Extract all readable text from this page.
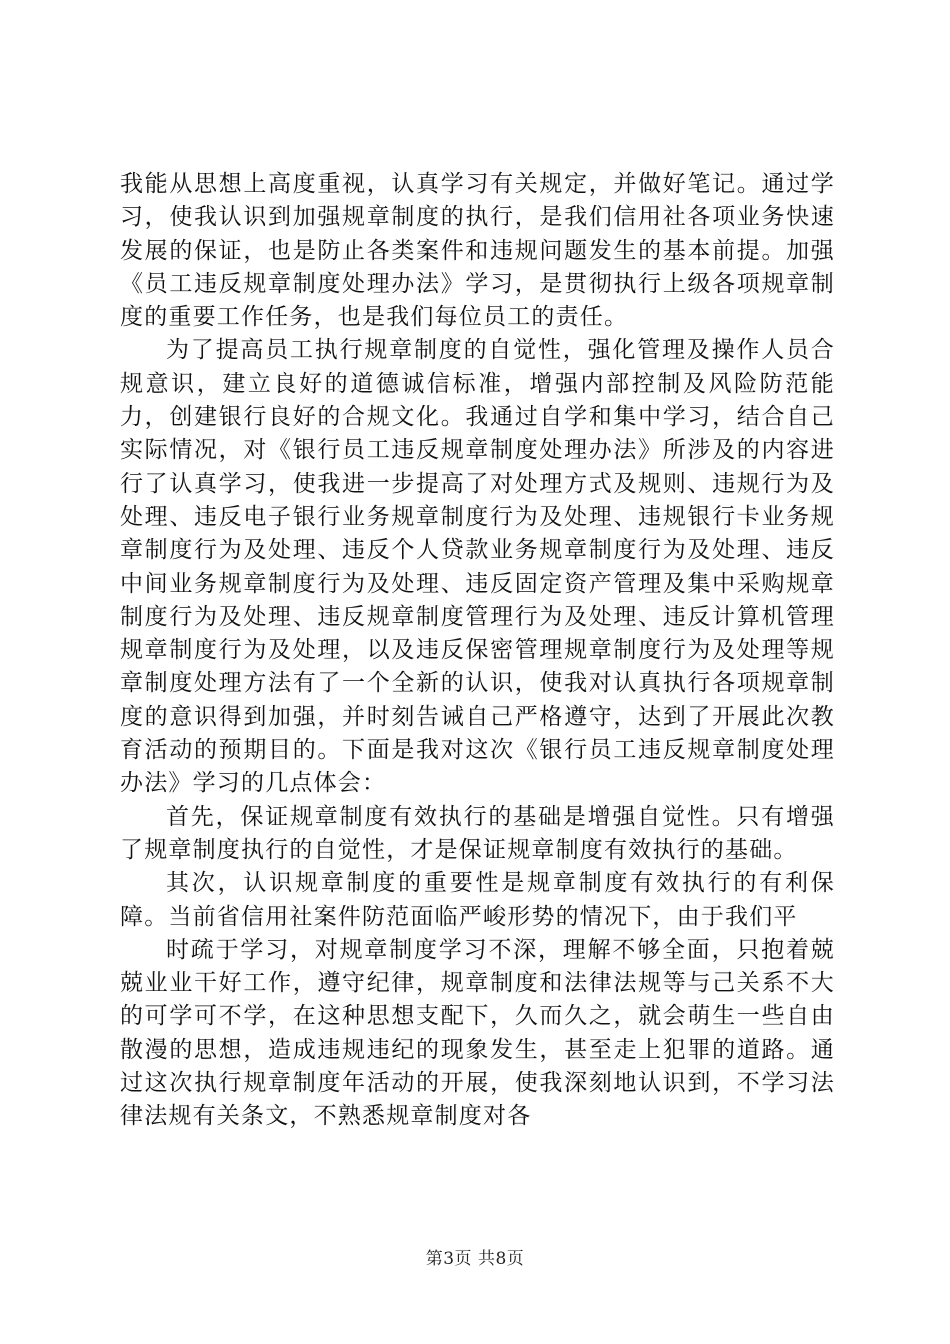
我能从思想上高度重视，认真学习有关规定，并做好笔记。通过学习，使我认识到加强规章制度的执行，是我们信用社各项业务快速发展的保证，也是防止各类案件和违规问题发生的基本前提。加强《员工违反规章制度处理办法》学习，是贯彻执行上级各项规章制度的重要工作任务，也是我们每位员工的责任。

为了提高员工执行规章制度的自觉性，强化管理及操作人员合规意识，建立良好的道德诚信标准，增强内部控制及风险防范能力，创建银行良好的合规文化。我通过自学和集中学习，结合自己实际情况，对《银行员工违反规章制度处理办法》所涉及的内容进行了认真学习，使我进一步提高了对处理方式及规则、违规行为及处理、违反电子银行业务规章制度行为及处理、违规银行卡业务规章制度行为及处理、违反个人贷款业务规章制度行为及处理、违反中间业务规章制度行为及处理、违反固定资产管理及集中采购规章制度行为及处理、违反规章制度管理行为及处理、违反计算机管理规章制度行为及处理，以及违反保密管理规章制度行为及处理等规章制度处理方法有了一个全新的认识，使我对认真执行各项规章制度的意识得到加强，并时刻告诫自己严格遵守，达到了开展此次教育活动的预期目的。下面是我对这次《银行员工违反规章制度处理办法》学习的几点体会：

首先，保证规章制度有效执行的基础是增强自觉性。只有增强了规章制度执行的自觉性，才是保证规章制度有效执行的基础。

其次，认识规章制度的重要性是规章制度有效执行的有利保障。当前省信用社案件防范面临严峻形势的情况下，由于我们平

时疏于学习，对规章制度学习不深，理解不够全面，只抱着兢兢业业干好工作，遵守纪律，规章制度和法律法规等与己关系不大的可学可不学，在这种思想支配下，久而久之，就会萌生一些自由散漫的思想，造成违规违纪的现象发生，甚至走上犯罪的道路。通过这次执行规章制度年活动的开展，使我深刻地认识到，不学习法律法规有关条文，不熟悉规章制度对各

第3页 共8页
